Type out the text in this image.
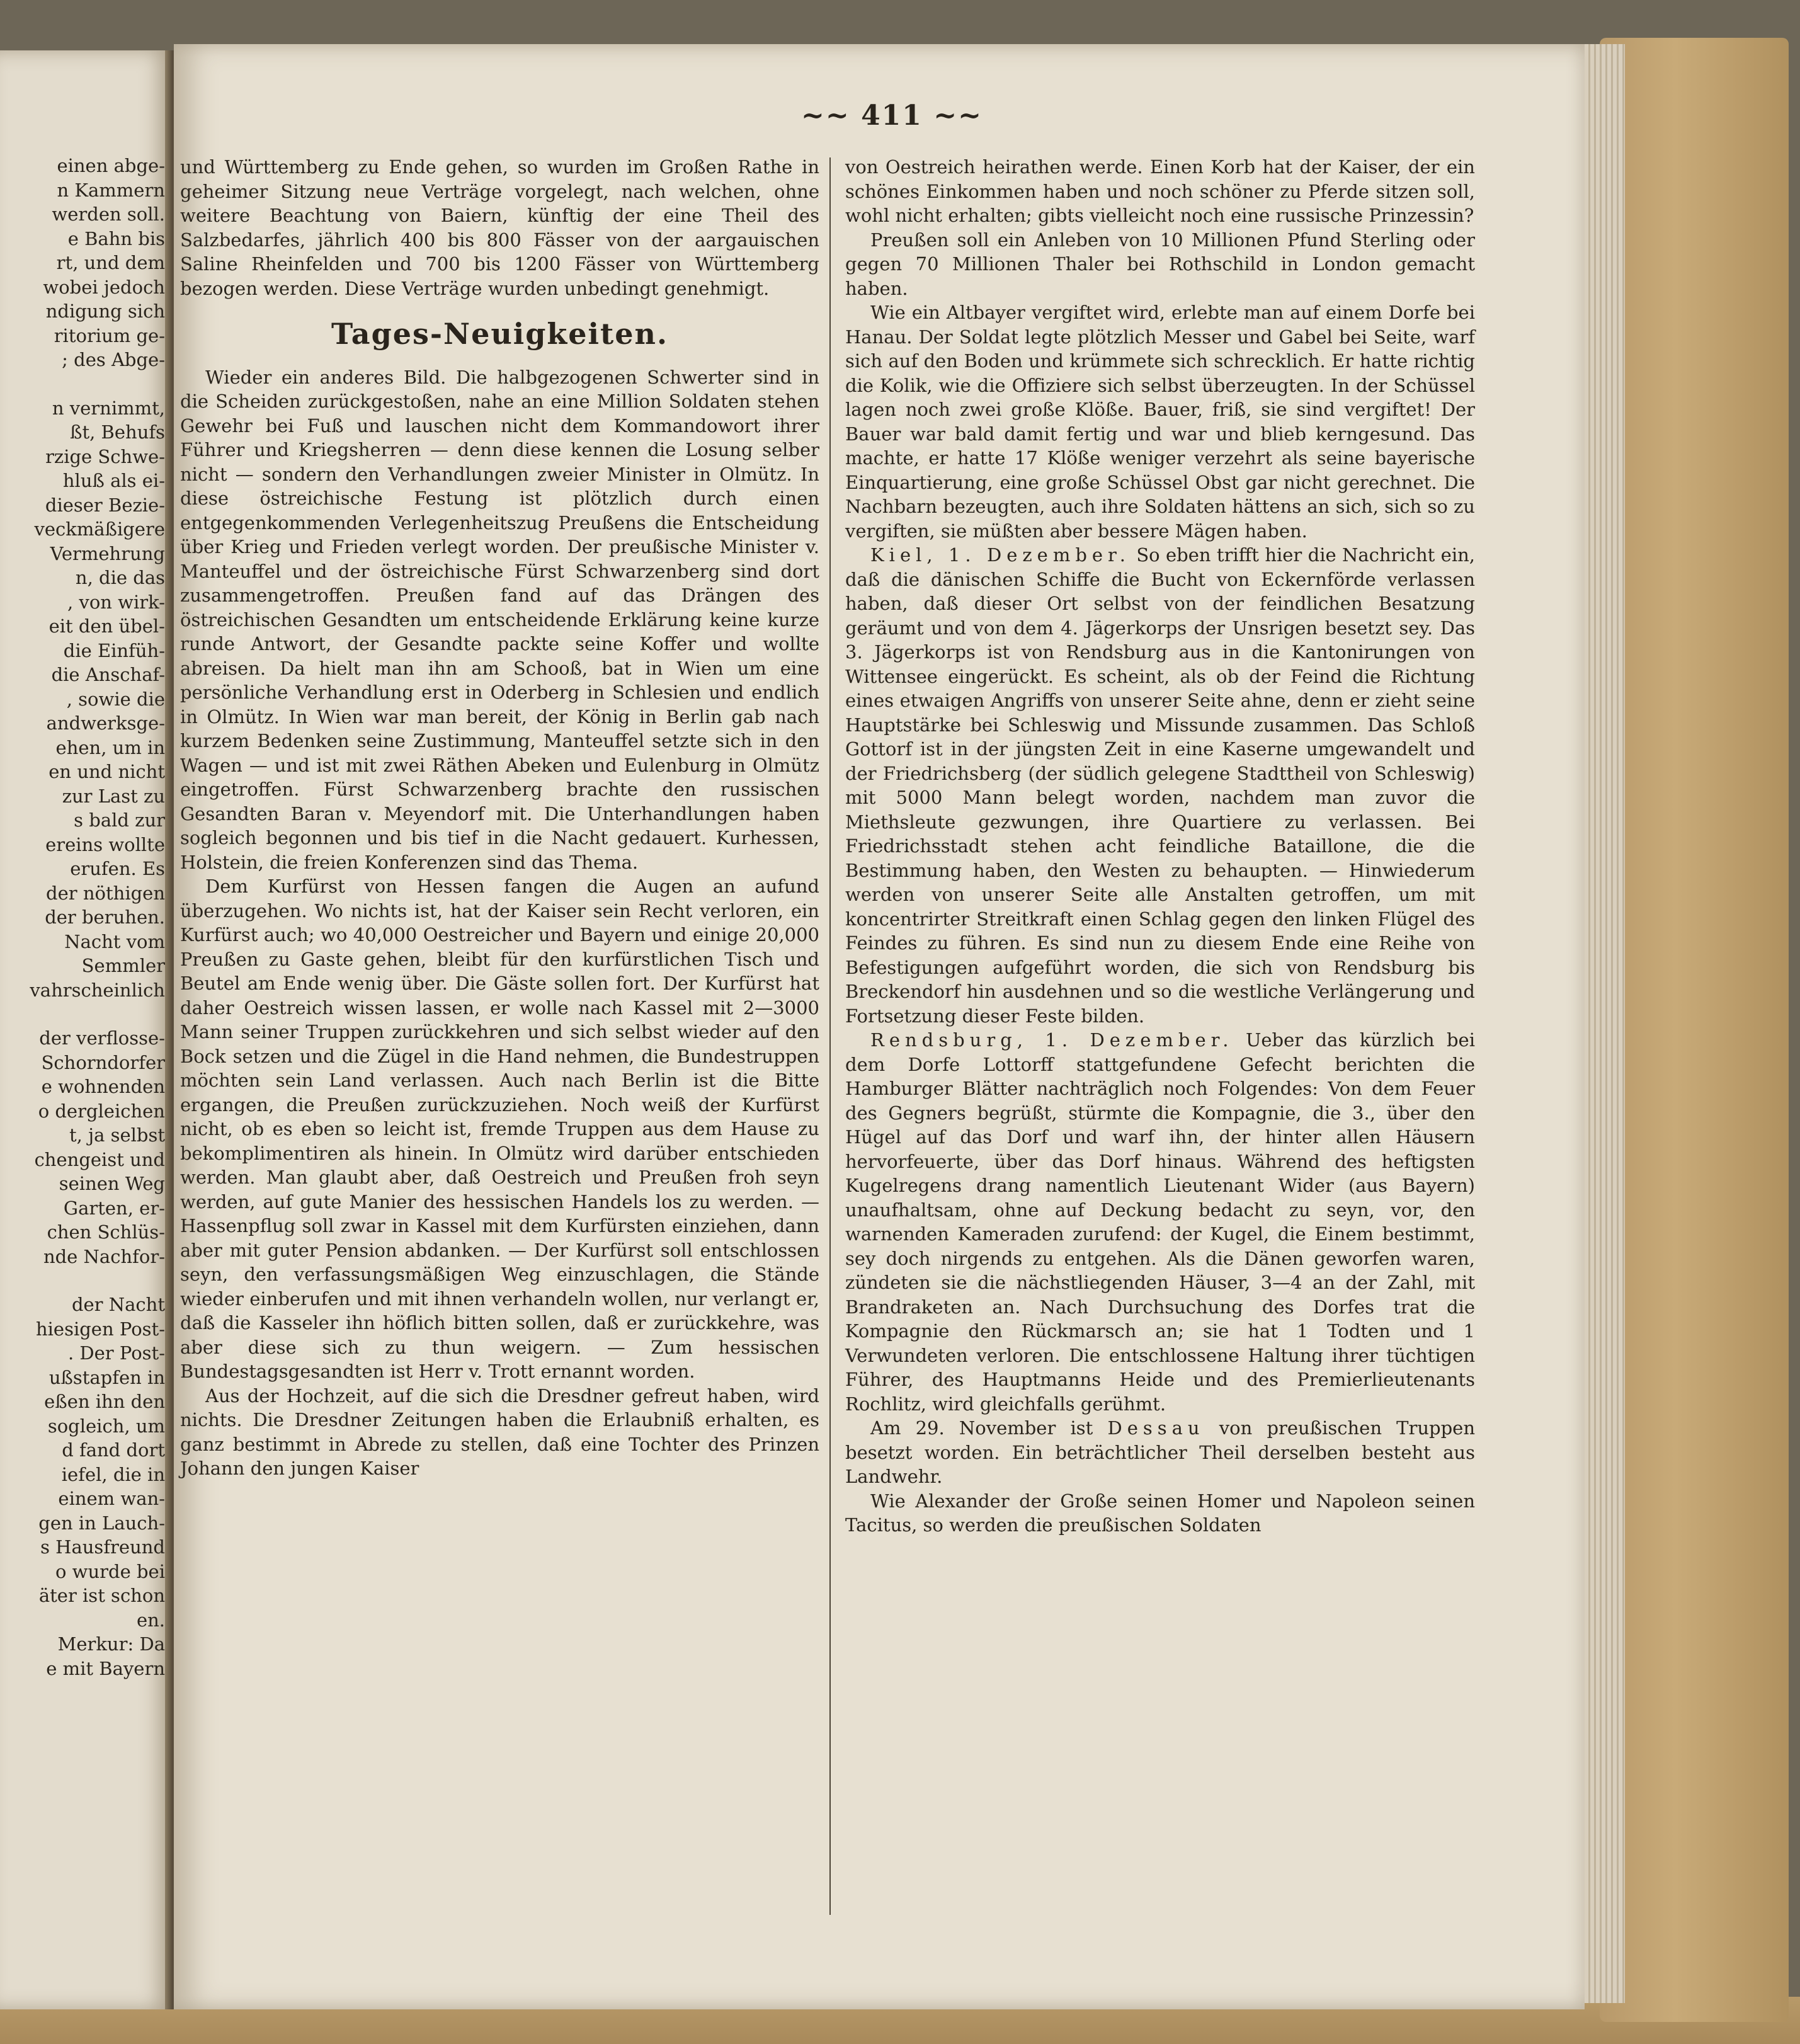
einen abge-
n Kammern
werden soll.
e Bahn bis
rt, und dem
wobei jedoch
ndigung sich
ritorium ge-
; des Abge-
n vernimmt,
ßt, Behufs
rzige Schwe-
hluß als ei-
dieser Bezie-
veckmäßigere
Vermehrung
n, die das
, von wirk-
eit den übel-
die Einfüh-
die Anschaf-
, sowie die
andwerksge-
ehen, um in
en und nicht
zur Last zu
s bald zur
ereins wollte
erufen. Es
der nöthigen
der beruhen.
Nacht vom
Semmler
vahrscheinlich
der verflosse-
Schorndorfer
e wohnenden
o dergleichen
t, ja selbst
chengeist und
seinen Weg
Garten, er-
chen Schlüs-
nde Nachfor-
der Nacht
hiesigen Post-
. Der Post-
ußstapfen in
eßen ihn den
sogleich, um
d fand dort
iefel, die in
einem wan-
gen in Lauch-
s Hausfreund
o wurde bei
äter ist schon
en.
Merkur: Da
e mit Bayern
~~ 411 ~~

und Württemberg zu Ende gehen, so wurden im Großen Rathe in geheimer Sitzung neue Verträge vorgelegt, nach welchen, ohne weitere Beachtung von Baiern, künftig der eine Theil des Salzbedarfes, jährlich 400 bis 800 Fässer von der aargauischen Saline Rheinfelden und 700 bis 1200 Fässer von Württemberg bezogen werden. Diese Verträge wurden unbedingt genehmigt.

Tages-Neuigkeiten.

Wieder ein anderes Bild. Die halbgezogenen Schwerter sind in die Scheiden zurückgestoßen, nahe an eine Million Soldaten stehen Gewehr bei Fuß und lauschen nicht dem Kommandowort ihrer Führer und Kriegsherren — denn diese kennen die Losung selber nicht — sondern den Verhandlungen zweier Minister in Olmütz. In diese östreichische Festung ist plötzlich durch einen entgegenkommenden Verlegenheitszug Preußens die Entscheidung über Krieg und Frieden verlegt worden. Der preußische Minister v. Manteuffel und der östreichische Fürst Schwarzenberg sind dort zusammengetroffen. Preußen fand auf das Drängen des östreichischen Gesandten um entscheidende Erklärung keine kurze runde Antwort, der Gesandte packte seine Koffer und wollte abreisen. Da hielt man ihn am Schooß, bat in Wien um eine persönliche Verhandlung erst in Oderberg in Schlesien und endlich in Olmütz. In Wien war man bereit, der König in Berlin gab nach kurzem Bedenken seine Zustimmung, Manteuffel setzte sich in den Wagen — und ist mit zwei Räthen Abeken und Eulenburg in Olmütz eingetroffen. Fürst Schwarzenberg brachte den russischen Gesandten Baran v. Meyendorf mit. Die Unterhandlungen haben sogleich begonnen und bis tief in die Nacht gedauert. Kurhessen, Holstein, die freien Konferenzen sind das Thema.

Dem Kurfürst von Hessen fangen die Augen an aufund überzugehen. Wo nichts ist, hat der Kaiser sein Recht verloren, ein Kurfürst auch; wo 40,000 Oestreicher und Bayern und einige 20,000 Preußen zu Gaste gehen, bleibt für den kurfürstlichen Tisch und Beutel am Ende wenig über. Die Gäste sollen fort. Der Kurfürst hat daher Oestreich wissen lassen, er wolle nach Kassel mit 2—3000 Mann seiner Truppen zurückkehren und sich selbst wieder auf den Bock setzen und die Zügel in die Hand nehmen, die Bundestruppen möchten sein Land verlassen. Auch nach Berlin ist die Bitte ergangen, die Preußen zurückzuziehen. Noch weiß der Kurfürst nicht, ob es eben so leicht ist, fremde Truppen aus dem Hause zu bekomplimentiren als hinein. In Olmütz wird darüber entschieden werden. Man glaubt aber, daß Oestreich und Preußen froh seyn werden, auf gute Manier des hessischen Handels los zu werden. — Hassenpflug soll zwar in Kassel mit dem Kurfürsten einziehen, dann aber mit guter Pension abdanken. — Der Kurfürst soll entschlossen seyn, den verfassungsmäßigen Weg einzuschlagen, die Stände wieder einberufen und mit ihnen verhandeln wollen, nur verlangt er, daß die Kasseler ihn höflich bitten sollen, daß er zurückkehre, was aber diese sich zu thun weigern. — Zum hessischen Bundestagsgesandten ist Herr v. Trott ernannt worden.

Aus der Hochzeit, auf die sich die Dresdner gefreut haben, wird nichts. Die Dresdner Zeitungen haben die Erlaubniß erhalten, es ganz bestimmt in Abrede zu stellen, daß eine Tochter des Prinzen Johann den jungen Kaiser

von Oestreich heirathen werde. Einen Korb hat der Kaiser, der ein schönes Einkommen haben und noch schöner zu Pferde sitzen soll, wohl nicht erhalten; gibts vielleicht noch eine russische Prinzessin?

Preußen soll ein Anleben von 10 Millionen Pfund Sterling oder gegen 70 Millionen Thaler bei Rothschild in London gemacht haben.

Wie ein Altbayer vergiftet wird, erlebte man auf einem Dorfe bei Hanau. Der Soldat legte plötzlich Messer und Gabel bei Seite, warf sich auf den Boden und krümmete sich schrecklich. Er hatte richtig die Kolik, wie die Offiziere sich selbst überzeugten. In der Schüssel lagen noch zwei große Klöße. Bauer, friß, sie sind vergiftet! Der Bauer war bald damit fertig und war und blieb kerngesund. Das machte, er hatte 17 Klöße weniger verzehrt als seine bayerische Einquartierung, eine große Schüssel Obst gar nicht gerechnet. Die Nachbarn bezeugten, auch ihre Soldaten hättens an sich, sich so zu vergiften, sie müßten aber bessere Mägen haben.

Kiel, 1. Dezember. So eben trifft hier die Nachricht ein, daß die dänischen Schiffe die Bucht von Eckernförde verlassen haben, daß dieser Ort selbst von der feindlichen Besatzung geräumt und von dem 4. Jägerkorps der Unsrigen besetzt sey. Das 3. Jägerkorps ist von Rendsburg aus in die Kantonirungen von Wittensee eingerückt. Es scheint, als ob der Feind die Richtung eines etwaigen Angriffs von unserer Seite ahne, denn er zieht seine Hauptstärke bei Schleswig und Missunde zusammen. Das Schloß Gottorf ist in der jüngsten Zeit in eine Kaserne umgewandelt und der Friedrichsberg (der südlich gelegene Stadttheil von Schleswig) mit 5000 Mann belegt worden, nachdem man zuvor die Miethsleute gezwungen, ihre Quartiere zu verlassen. Bei Friedrichsstadt stehen acht feindliche Bataillone, die die Bestimmung haben, den Westen zu behaupten. — Hinwiederum werden von unserer Seite alle Anstalten getroffen, um mit koncentrirter Streitkraft einen Schlag gegen den linken Flügel des Feindes zu führen. Es sind nun zu diesem Ende eine Reihe von Befestigungen aufgeführt worden, die sich von Rendsburg bis Breckendorf hin ausdehnen und so die westliche Verlängerung und Fortsetzung dieser Feste bilden.

Rendsburg, 1. Dezember. Ueber das kürzlich bei dem Dorfe Lottorff stattgefundene Gefecht berichten die Hamburger Blätter nachträglich noch Folgendes: Von dem Feuer des Gegners begrüßt, stürmte die Kompagnie, die 3., über den Hügel auf das Dorf und warf ihn, der hinter allen Häusern hervorfeuerte, über das Dorf hinaus. Während des heftigsten Kugelregens drang namentlich Lieutenant Wider (aus Bayern) unaufhaltsam, ohne auf Deckung bedacht zu seyn, vor, den warnenden Kameraden zurufend: der Kugel, die Einem bestimmt, sey doch nirgends zu entgehen. Als die Dänen geworfen waren, zündeten sie die nächstliegenden Häuser, 3—4 an der Zahl, mit Brandraketen an. Nach Durchsuchung des Dorfes trat die Kompagnie den Rückmarsch an; sie hat 1 Todten und 1 Verwundeten verloren. Die entschlossene Haltung ihrer tüchtigen Führer, des Hauptmanns Heide und des Premierlieutenants Rochlitz, wird gleichfalls gerühmt.

Am 29. November ist Dessau von preußischen Truppen besetzt worden. Ein beträchtlicher Theil derselben besteht aus Landwehr.

Wie Alexander der Große seinen Homer und Napoleon seinen Tacitus, so werden die preußischen Soldaten
